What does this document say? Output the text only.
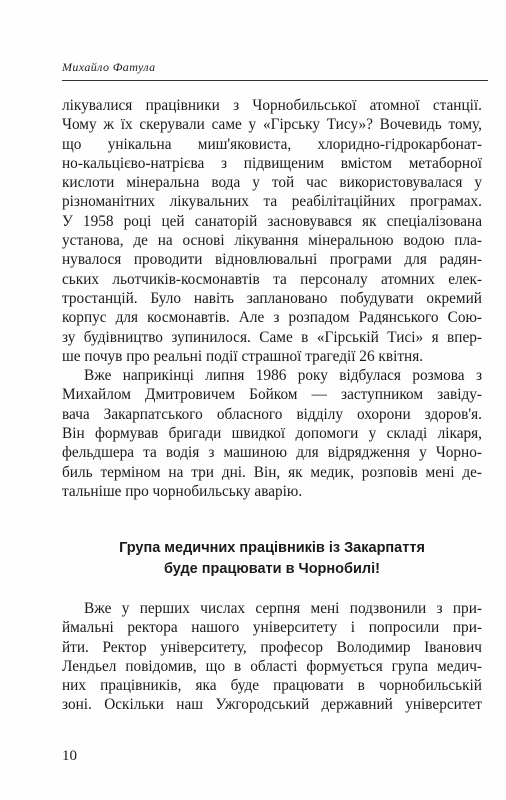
Михайло Фатула
лікувалися працівники з Чорнобильської атомної станції.
Чому ж їх скерували саме у «Гірську Тису»? Вочевидь тому,
що унікальна миш'яковиста, хлоридно-гідрокарбонат-
но-кальцієво-натрієва з підвищеним вмістом метаборної
кислоти мінеральна вода у той час використовувалася у
різноманітних лікувальних та реабілітаційних програмах.
У 1958 році цей санаторій засновувався як спеціалізована
установа, де на основі лікування мінеральною водою пла-
нувалося проводити відновлювальні програми для радян-
ських льотчиків-космонавтів та персоналу атомних елек-
тростанцій. Було навіть заплановано побудувати окремий
корпус для космонавтів. Але з розпадом Радянського Сою-
зу будівництво зупинилося. Саме в «Гірській Тисі» я впер-
ше почув про реальні події страшної трагедії 26 квітня.
Вже наприкінці липня 1986 року відбулася розмова з
Михайлом Дмитровичем Бойком — заступником завіду-
вача Закарпатського обласного відділу охорони здоров'я.
Він формував бригади швидкої допомоги у складі лікаря,
фельдшера та водія з машиною для відрядження у Чорно-
биль терміном на три дні. Він, як медик, розповів мені де-
тальніше про чорнобильську аварію.
Група медичних працівників із Закарпаття
буде працювати в Чорнобилі!
Вже у перших числах серпня мені подзвонили з при-
ймальні ректора нашого університету і попросили при-
йти. Ректор університету, професор Володимир Іванович
Лендьел повідомив, що в області формується група медич-
них працівників, яка буде працювати в чорнобильській
зоні. Оскільки наш Ужгородський державний університет
10
